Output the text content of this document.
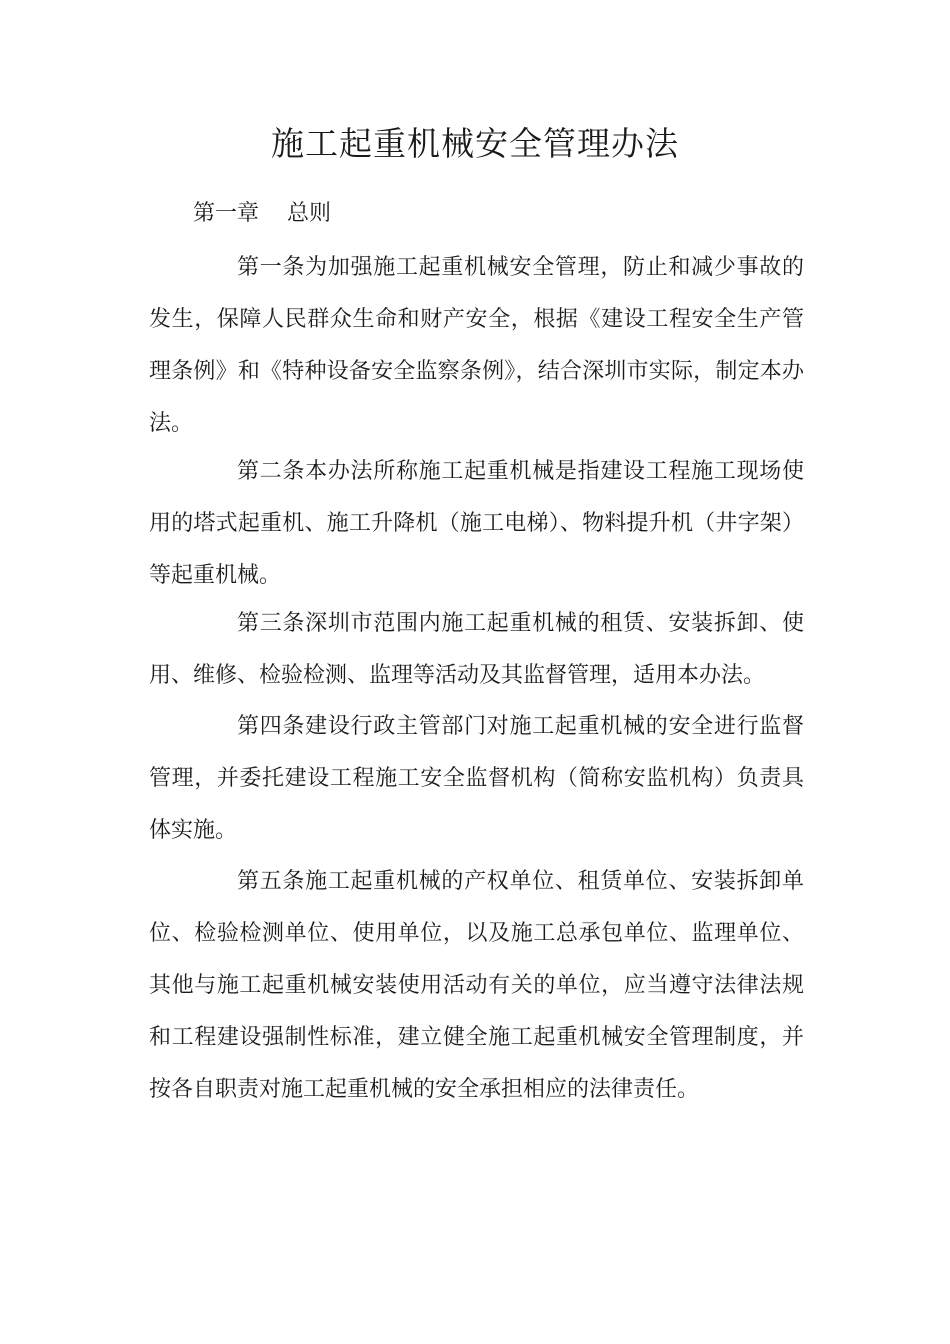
施工起重机械安全管理办法
第一章    总则

第一条为加强施工起重机械安全管理，防止和减少事故的发生，保障人民群众生命和财产安全，根据《建设工程安全生产管理条例》和《特种设备安全监察条例》，结合深圳市实际，制定本办法。

第二条本办法所称施工起重机械是指建设工程施工现场使用的塔式起重机、施工升降机（施工电梯）、物料提升机（井字架）等起重机械。

第三条深圳市范围内施工起重机械的租赁、安装拆卸、使用、维修、检验检测、监理等活动及其监督管理，适用本办法。

第四条建设行政主管部门对施工起重机械的安全进行监督管理，并委托建设工程施工安全监督机构（简称安监机构）负责具体实施。

第五条施工起重机械的产权单位、租赁单位、安装拆卸单位、检验检测单位、使用单位，以及施工总承包单位、监理单位、其他与施工起重机械安装使用活动有关的单位，应当遵守法律法规和工程建设强制性标准，建立健全施工起重机械安全管理制度，并按各自职责对施工起重机械的安全承担相应的法律责任。
